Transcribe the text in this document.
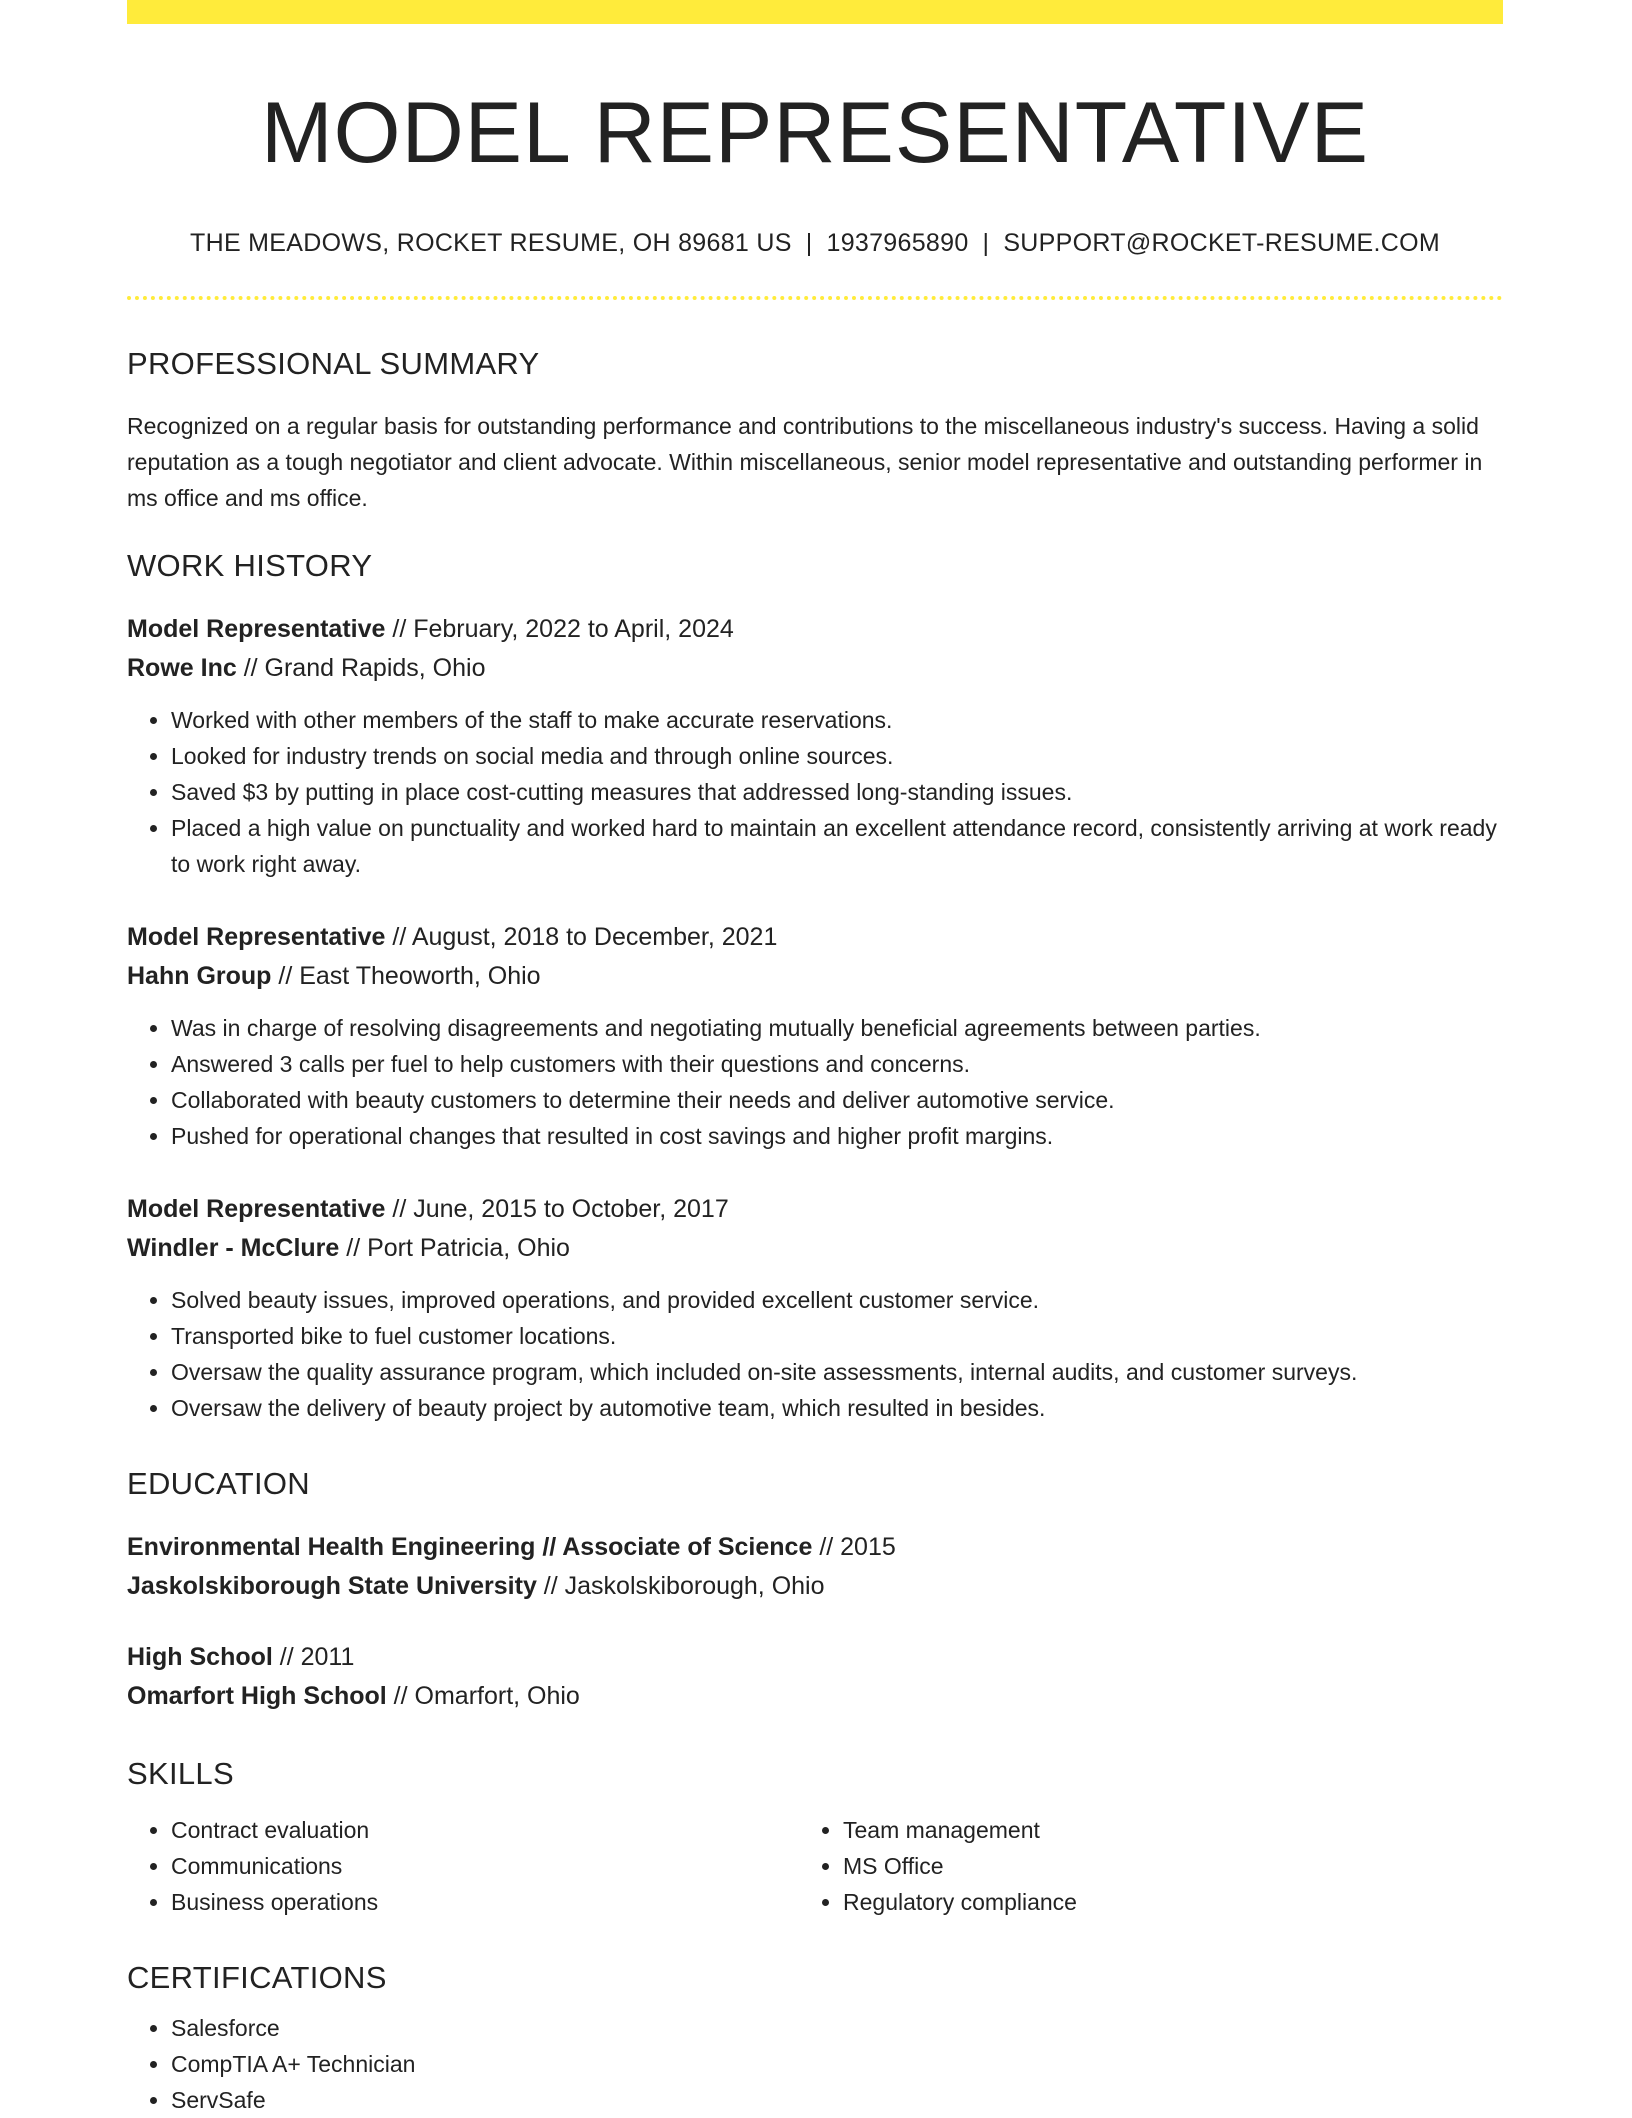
MODEL REPRESENTATIVE
THE MEADOWS, ROCKET RESUME, OH 89681 US | 1937965890 | SUPPORT@ROCKET-RESUME.COM
PROFESSIONAL SUMMARY
Recognized on a regular basis for outstanding performance and contributions to the miscellaneous industry's success. Having a solid reputation as a tough negotiator and client advocate. Within miscellaneous, senior model representative and outstanding performer in ms office and ms office.
WORK HISTORY
Model Representative // February, 2022 to April, 2024
Rowe Inc // Grand Rapids, Ohio
• Worked with other members of the staff to make accurate reservations.
• Looked for industry trends on social media and through online sources.
• Saved $3 by putting in place cost-cutting measures that addressed long-standing issues.
• Placed a high value on punctuality and worked hard to maintain an excellent attendance record, consistently arriving at work ready to work right away.
Model Representative // August, 2018 to December, 2021
Hahn Group // East Theoworth, Ohio
• Was in charge of resolving disagreements and negotiating mutually beneficial agreements between parties.
• Answered 3 calls per fuel to help customers with their questions and concerns.
• Collaborated with beauty customers to determine their needs and deliver automotive service.
• Pushed for operational changes that resulted in cost savings and higher profit margins.
Model Representative // June, 2015 to October, 2017
Windler - McClure // Port Patricia, Ohio
• Solved beauty issues, improved operations, and provided excellent customer service.
• Transported bike to fuel customer locations.
• Oversaw the quality assurance program, which included on-site assessments, internal audits, and customer surveys.
• Oversaw the delivery of beauty project by automotive team, which resulted in besides.
EDUCATION
Environmental Health Engineering // Associate of Science // 2015
Jaskolskiborough State University // Jaskolskiborough, Ohio
High School // 2011
Omarfort High School // Omarfort, Ohio
SKILLS
• Contract evaluation
• Communications
• Business operations
• Team management
• MS Office
• Regulatory compliance
CERTIFICATIONS
• Salesforce
• CompTIA A+ Technician
• ServSafe
